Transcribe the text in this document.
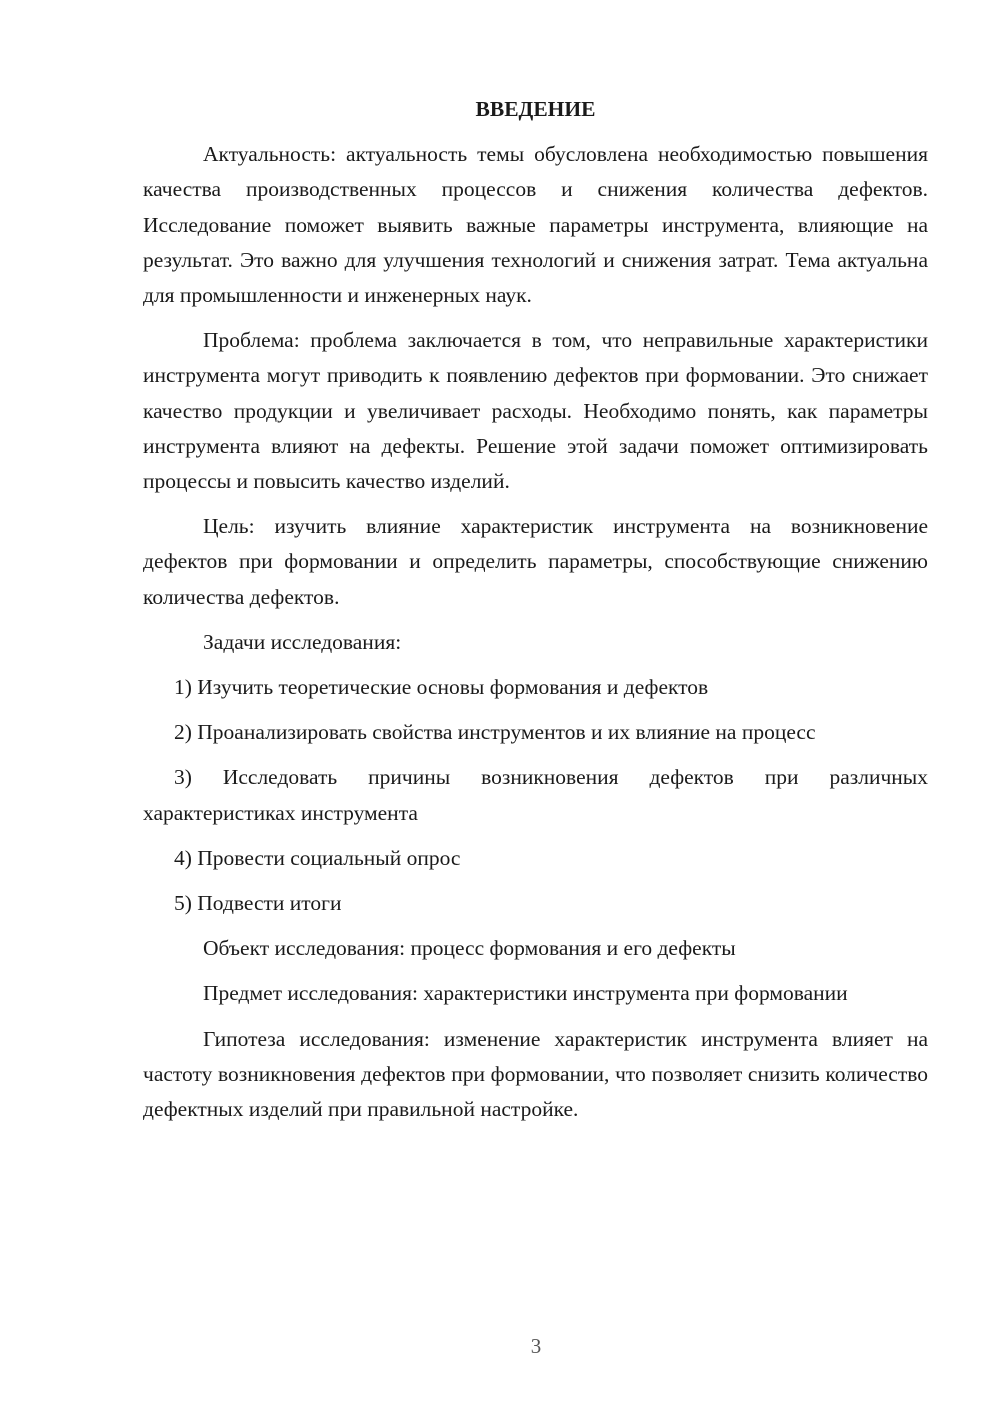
ВВЕДЕНИЕ

Актуальность: актуальность темы обусловлена необходимостью повышения качества производственных процессов и снижения количества дефектов. Исследование поможет выявить важные параметры инструмента, влияющие на результат. Это важно для улучшения технологий и снижения затрат. Тема актуальна для промышленности и инженерных наук.

Проблема: проблема заключается в том, что неправильные характеристики инструмента могут приводить к появлению дефектов при формовании. Это снижает качество продукции и увеличивает расходы. Необходимо понять, как параметры инструмента влияют на дефекты. Решение этой задачи поможет оптимизировать процессы и повысить качество изделий.

Цель: изучить влияние характеристик инструмента на возникновение дефектов при формовании и определить параметры, способствующие снижению количества дефектов.

Задачи исследования:

1) Изучить теоретические основы формования и дефектов

2) Проанализировать свойства инструментов и их влияние на процесс

3) Исследовать причины возникновения дефектов при различных характеристиках инструмента

4) Провести социальный опрос

5) Подвести итоги

Объект исследования: процесс формования и его дефекты

Предмет исследования: характеристики инструмента при формовании

Гипотеза исследования: изменение характеристик инструмента влияет на частоту возникновения дефектов при формовании, что позволяет снизить количество дефектных изделий при правильной настройке.

3
